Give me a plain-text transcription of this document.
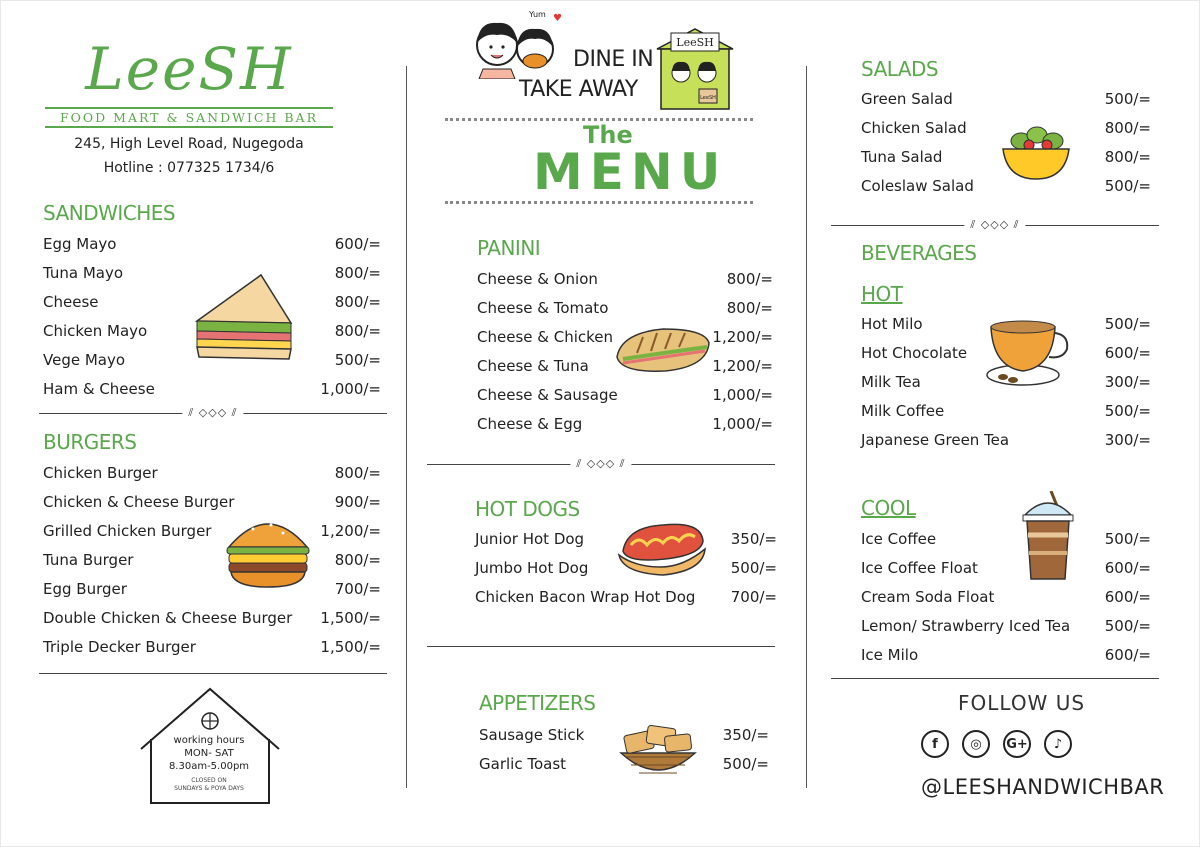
LeeSH
FOOD MART & SANDWICH BAR
245, High Level Road, Nugegoda
Hotline : 077325 1734/6
SANDWICHES
Egg Mayo	600/=
Tuna Mayo	800/=
Cheese	800/=
Chicken Mayo	800/=
Vege Mayo	500/=
Ham & Cheese	1,000/=
⫽ ◇◇◇ ⫽
BURGERS
Chicken Burger	800/=
Chicken & Cheese Burger	900/=
Grilled Chicken Burger	1,200/=
Tuna Burger	800/=
Egg Burger	700/=
Double Chicken & Cheese Burger 1,500/=
Triple Decker Burger	1,500/=
working hours
MON- SAT
8.30am-5.00pm
CLOSED ON
SUNDAYS & POYA DAYS
Yum ♥
DINE IN
TAKE AWAY
LeeSH
LeeSH
The
MENU
PANINI
Cheese & Onion	800/=
Cheese & Tomato	800/=
Cheese & Chicken	1,200/=
Cheese & Tuna	1,200/=
Cheese & Sausage	1,000/=
Cheese & Egg	1,000/=
⫽ ◇◇◇ ⫽
HOT DOGS
Junior Hot Dog	350/=
Jumbo Hot Dog	500/=
Chicken Bacon Wrap Hot Dog 700/=
APPETIZERS
Sausage Stick	350/=
Garlic Toast	500/=
SALADS
Green Salad	500/=
Chicken Salad	800/=
Tuna Salad	800/=
Coleslaw Salad	500/=
⫽ ◇◇◇ ⫽
BEVERAGES
HOT
Hot Milo	500/=
Hot Chocolate	600/=
Milk Tea	300/=
Milk Coffee	500/=
Japanese Green Tea	300/=
COOL
Ice Coffee	500/=
Ice Coffee Float	600/=
Cream Soda Float	600/=
Lemon/ Strawberry Iced Tea 500/=
Ice Milo	600/=
FOLLOW US
f	◎	G+	♪
@LEESHANDWICHBAR
